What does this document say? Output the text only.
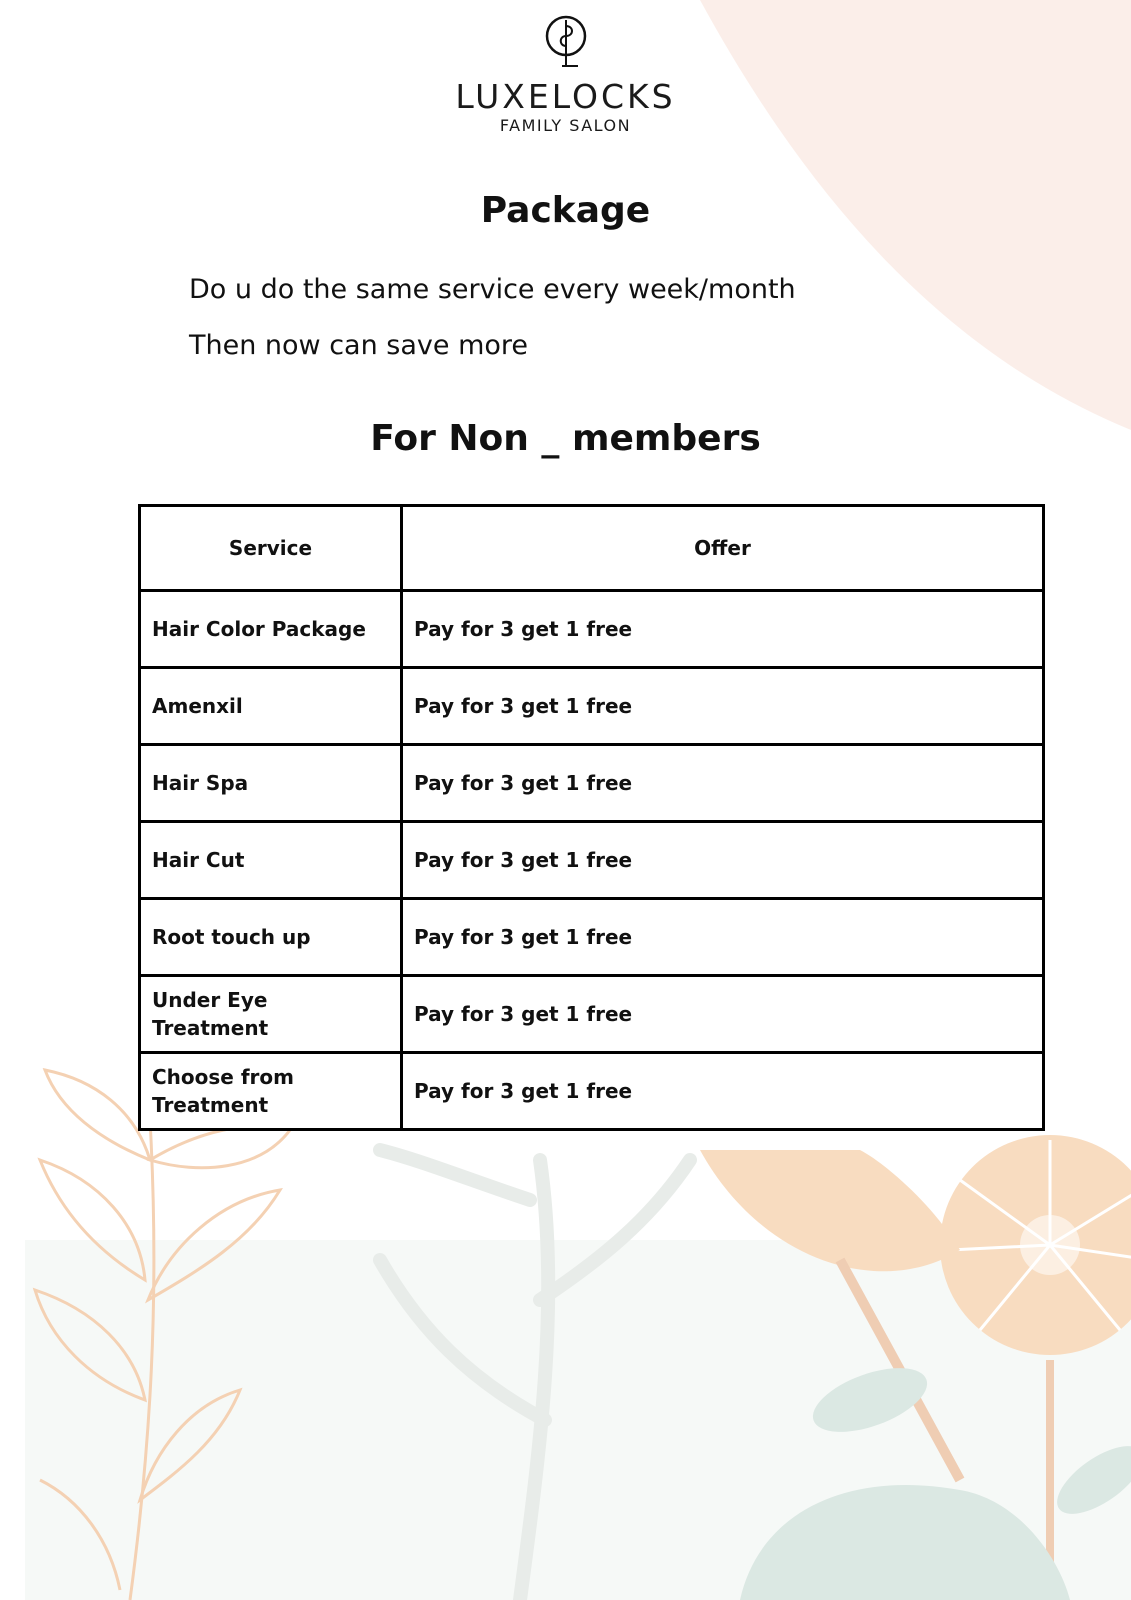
LUXELOCKS
FAMILY SALON
Package
Do u do the same service every week/month
Then now can save more
For Non _ members
Service	Offer
Hair Color Package	Pay for 3 get 1 free
Amenxil	Pay for 3 get 1 free
Hair Spa	Pay for 3 get 1 free
Hair Cut	Pay for 3 get 1 free
Root touch up	Pay for 3 get 1 free
Under Eye Treatment	Pay for 3 get 1 free
Choose from Treatment	Pay for 3 get 1 free
